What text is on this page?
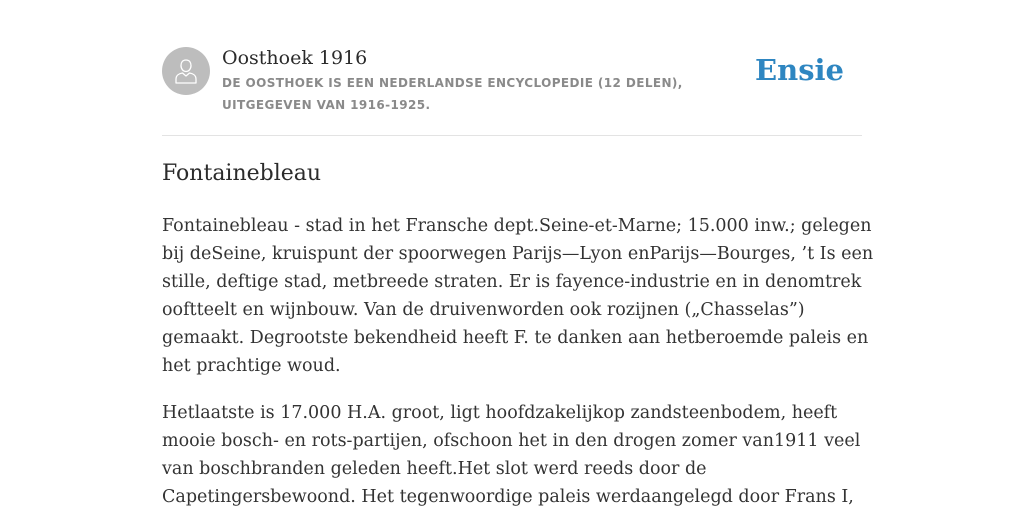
Oosthoek 1916
DE OOSTHOEK IS EEN NEDERLANDSE ENCYCLOPEDIE (12 DELEN), UITGEGEVEN VAN 1916-1925.
Ensie
Fontainebleau

Fontainebleau - stad in het Fransche dept.Seine-et-Marne; 15.000 inw.; gelegen
bij deSeine, kruispunt der spoorwegen Parijs—Lyon enParijs—Bourges, ’t Is een
stille, deftige stad, metbreede straten. Er is fayence-industrie en in denomtrek
ooftteelt en wijnbouw. Van de druivenworden ook rozijnen („Chasselas”)
gemaakt. Degrootste bekendheid heeft F. te danken aan hetberoemde paleis en
het prachtige woud.

Hetlaatste is 17.000 H.A. groot, ligt hoofdzakelijkop zandsteenbodem, heeft
mooie bosch- en rots-partijen, ofschoon het in den drogen zomer van1911 veel
van boschbranden geleden heeft.Het slot werd reeds door de
Capetingersbewoond. Het tegenwoordige paleis werdaangelegd door Frans I,
